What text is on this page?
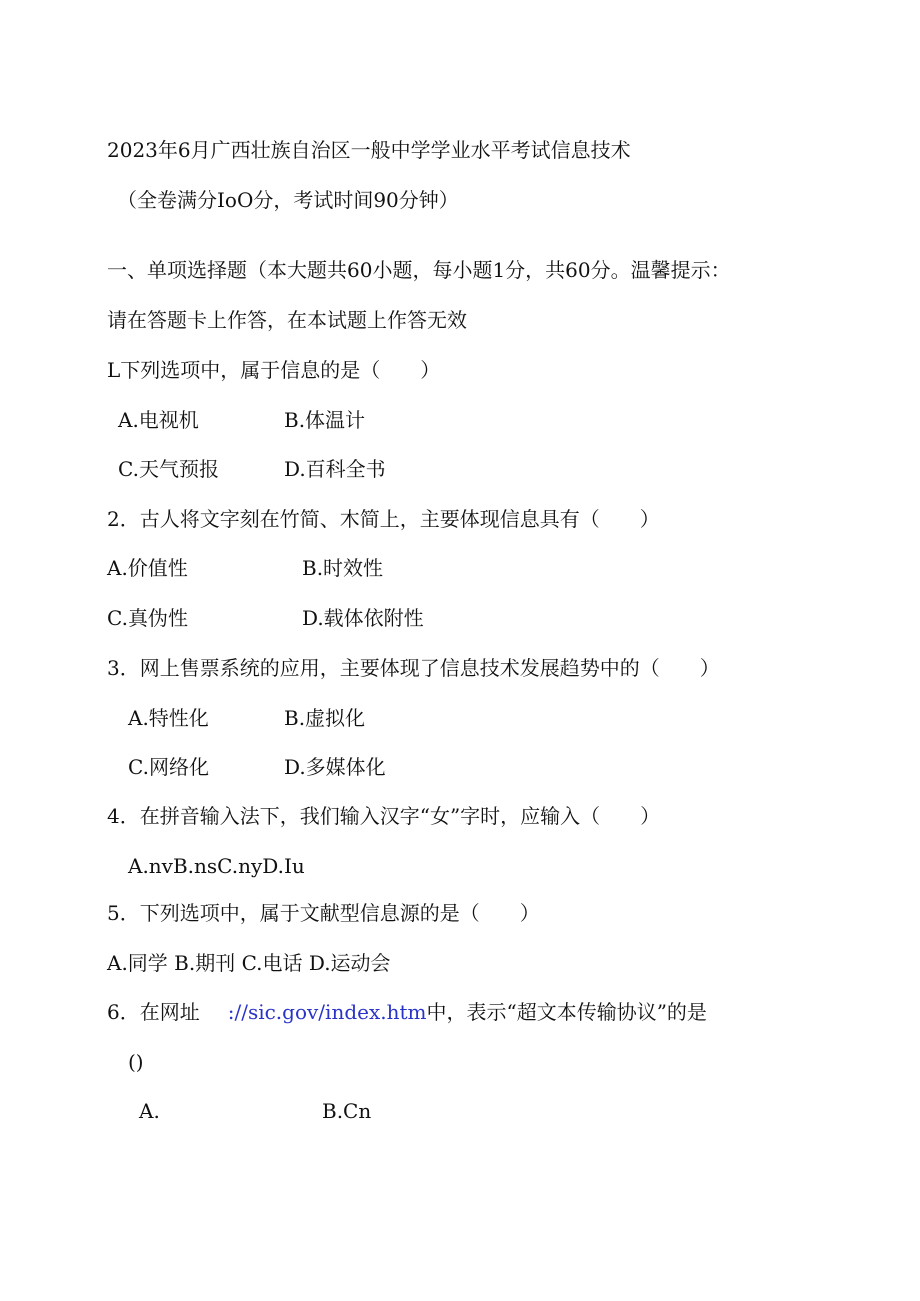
2023年6月广西壮族自治区一般中学学业水平考试信息技术
（全卷满分IoO分，考试时间90分钟）
一、单项选择题（本大题共60小题，每小题1分，共60分。温馨提示：
请在答题卡上作答，在本试题上作答无效
L下列选项中，属于信息的是（　　）
A.电视机	B.体温计
C.天气预报	D.百科全书
2．古人将文字刻在竹简、木简上，主要体现信息具有（　　）
A.价值性	B.时效性
C.真伪性	D.载体依附性
3．网上售票系统的应用，主要体现了信息技术发展趋势中的（　　）
A.特性化	B.虚拟化
C.网络化	D.多媒体化
4．在拼音输入法下，我们输入汉字“女”字时，应输入（　　）
A.nvB.nsC.nyD.Iu
5．下列选项中，属于文献型信息源的是（　　）
A.同学 B.期刊 C.电话 D.运动会
6．在网址 ://sic.gov/index.htm中，表示“超文本传输协议”的是
()
A.	B.Cn
